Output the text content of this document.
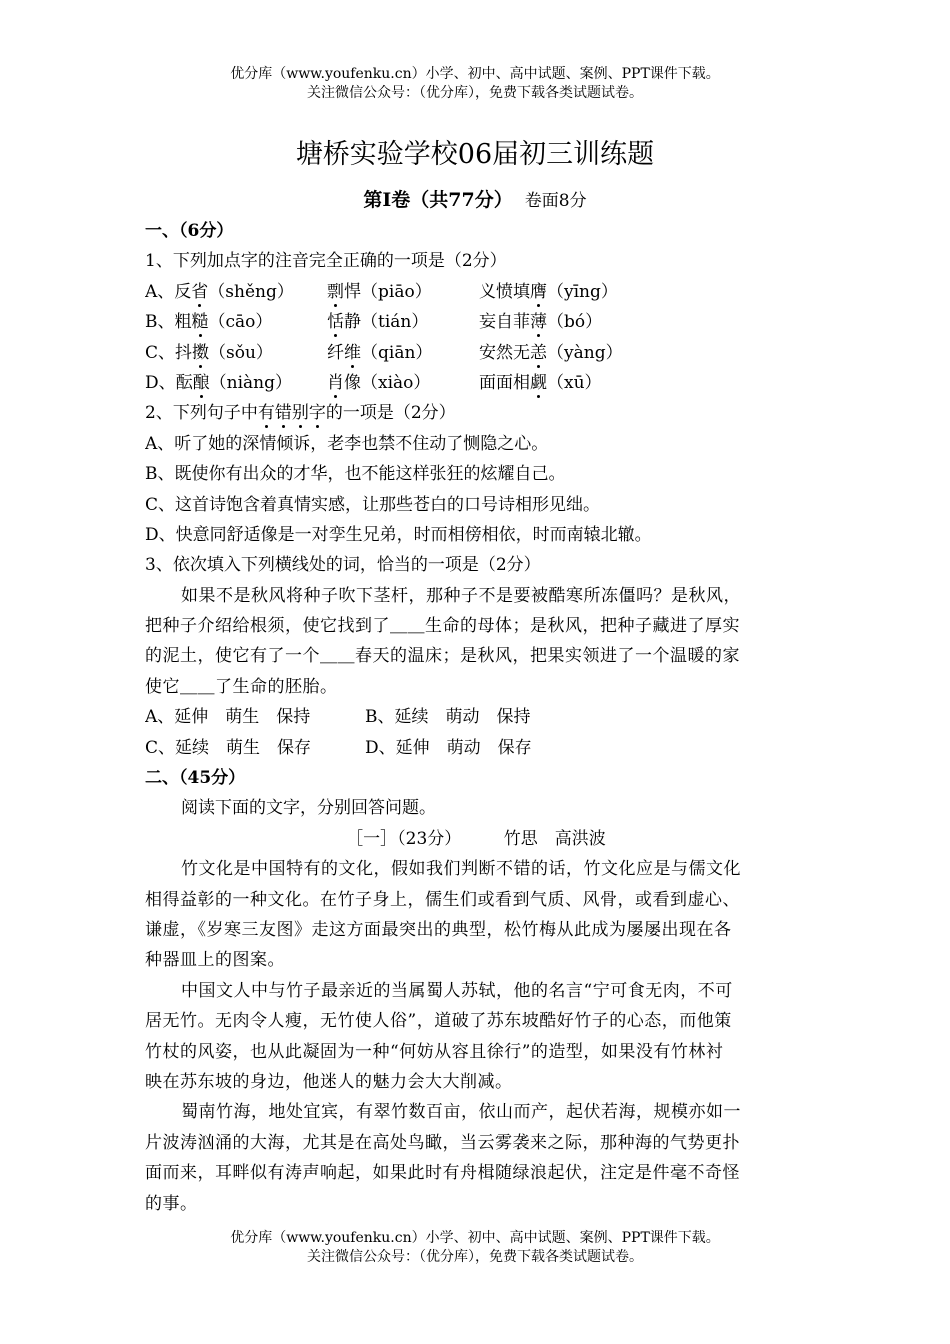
优分库（www.youfenku.cn）小学、初中、高中试题、案例、PPT课件下载。
关注微信公众号：（优分库），免费下载各类试题试卷。
塘桥实验学校06届初三训练题
第Ⅰ卷（共77分） 卷面8分
一、（6分）
1、下列加点字的注音完全正确的一项是（2分）
A、反省（shěng） 剽悍（piāo）	义愤填膺（yīng）
B、粗糙（cāo）	恬静（tián）	妄自菲薄（bó）
C、抖擞（sǒu）	纤维（qiān）	安然无恙（yàng）
D、酝酿（niàng） 肖像（xiào）	面面相觑（xū）
2、下列句子中有错别字的一项是（2分）
A、听了她的深情倾诉，老李也禁不住动了恻隐之心。
B、既使你有出众的才华，也不能这样张狂的炫耀自己。
C、这首诗饱含着真情实感，让那些苍白的口号诗相形见绌。
D、快意同舒适像是一对孪生兄弟，时而相傍相依，时而南辕北辙。
3、依次填入下列横线处的词，恰当的一项是（2分）
如果不是秋风将种子吹下茎杆，那种子不是要被酷寒所冻僵吗？是秋风，
把种子介绍给根须，使它找到了＿＿生命的母体；是秋风，把种子藏进了厚实
的泥土，使它有了一个＿＿春天的温床；是秋风，把果实领进了一个温暖的家
使它＿＿了生命的胚胎。
A、延伸　萌生　保持	B、延续　萌动　保持
C、延续　萌生　保存	D、延伸　萌动　保存
二、（45分）
阅读下面的文字，分别回答问题。
［一］（23分）　　　竹思　高洪波
竹文化是中国特有的文化，假如我们判断不错的话，竹文化应是与儒文化
相得益彰的一种文化。在竹子身上，儒生们或看到气质、风骨，或看到虚心、
谦虚，《岁寒三友图》走这方面最突出的典型，松竹梅从此成为屡屡出现在各
种器皿上的图案。
中国文人中与竹子最亲近的当属蜀人苏轼，他的名言“宁可食无肉，不可
居无竹。无肉令人瘦，无竹使人俗”，道破了苏东坡酷好竹子的心态，而他策
竹杖的风姿，也从此凝固为一种“何妨从容且徐行”的造型，如果没有竹林衬
映在苏东坡的身边，他迷人的魅力会大大削减。
蜀南竹海，地处宜宾，有翠竹数百亩，依山而产，起伏若海，规模亦如一
片波涛汹涌的大海，尤其是在高处鸟瞰，当云雾袭来之际，那种海的气势更扑
面而来，耳畔似有涛声响起，如果此时有舟楫随绿浪起伏，注定是件毫不奇怪
的事。
优分库（www.youfenku.cn）小学、初中、高中试题、案例、PPT课件下载。
关注微信公众号：（优分库），免费下载各类试题试卷。
